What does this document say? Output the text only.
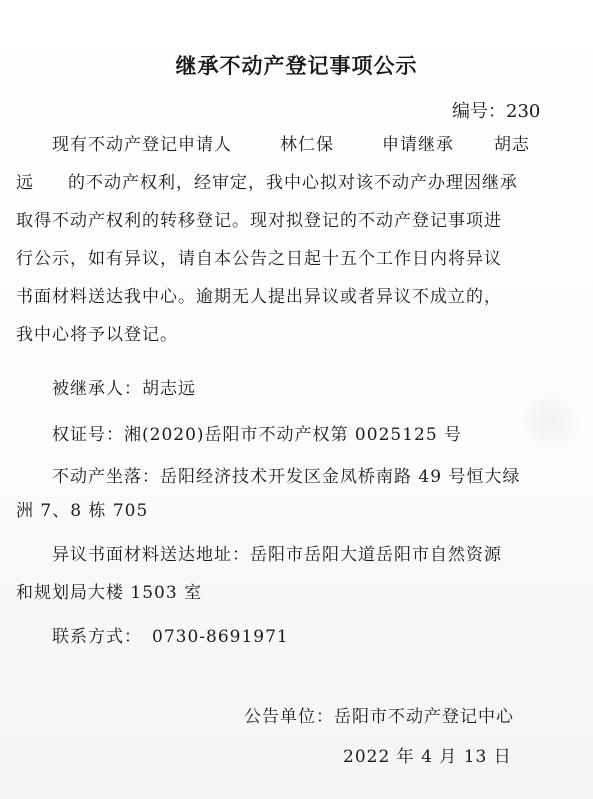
继承不动产登记事项公示
编号：230
现有不动产登记申请人	林仁保	申请继承 胡志
远 的不动产权利，经审定，我中心拟对该不动产办理因继承
取得不动产权利的转移登记。现对拟登记的不动产登记事项进
行公示，如有异议，请自本公告之日起十五个工作日内将异议
书面材料送达我中心。逾期无人提出异议或者异议不成立的，
我中心将予以登记。
被继承人：胡志远
权证号：湘(2020)岳阳市不动产权第 0025125 号
不动产坐落：岳阳经济技术开发区金凤桥南路 49 号恒大绿
洲 7、8 栋 705
异议书面材料送达地址：岳阳市岳阳大道岳阳市自然资源
和规划局大楼 1503 室
联系方式： 0730-8691971
公告单位：岳阳市不动产登记中心
2022 年 4 月 13 日
